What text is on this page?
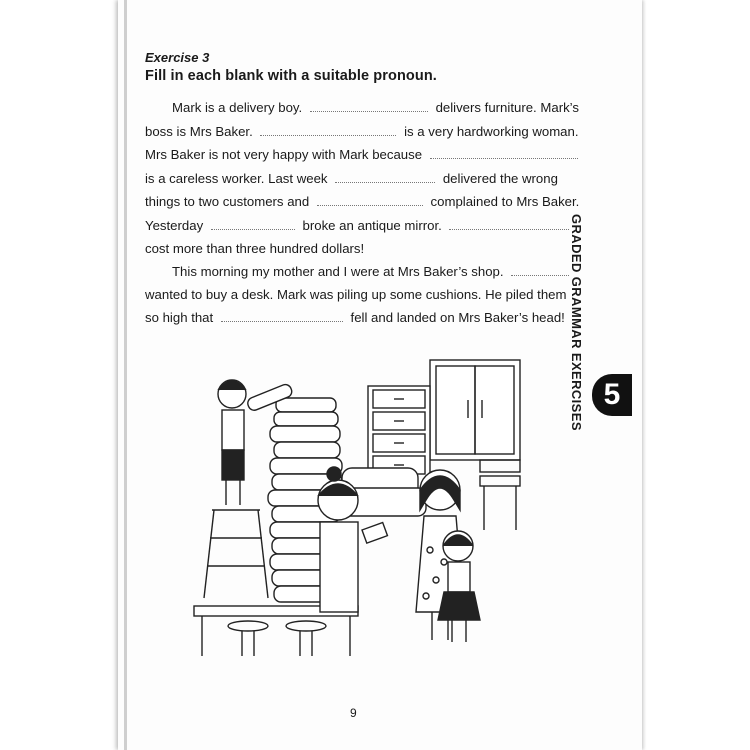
Exercise 3
Fill in each blank with a suitable pronoun.
Mark is a delivery boy.	delivers furniture. Mark’s
boss is Mrs Baker.	is a very hardworking woman.
Mrs Baker is not very happy with Mark because
is a careless worker. Last week	delivered the wrong
things to two customers and	complained to Mrs Baker.
Yesterday	broke an antique mirror.
cost more than three hundred dollars!
This morning my mother and I were at Mrs Baker’s shop.
wanted to buy a desk. Mark was piling up some cushions. He piled them
so high that	fell and landed on Mrs Baker’s head! GRADED GRAMMAR EXERCISES 5
9
